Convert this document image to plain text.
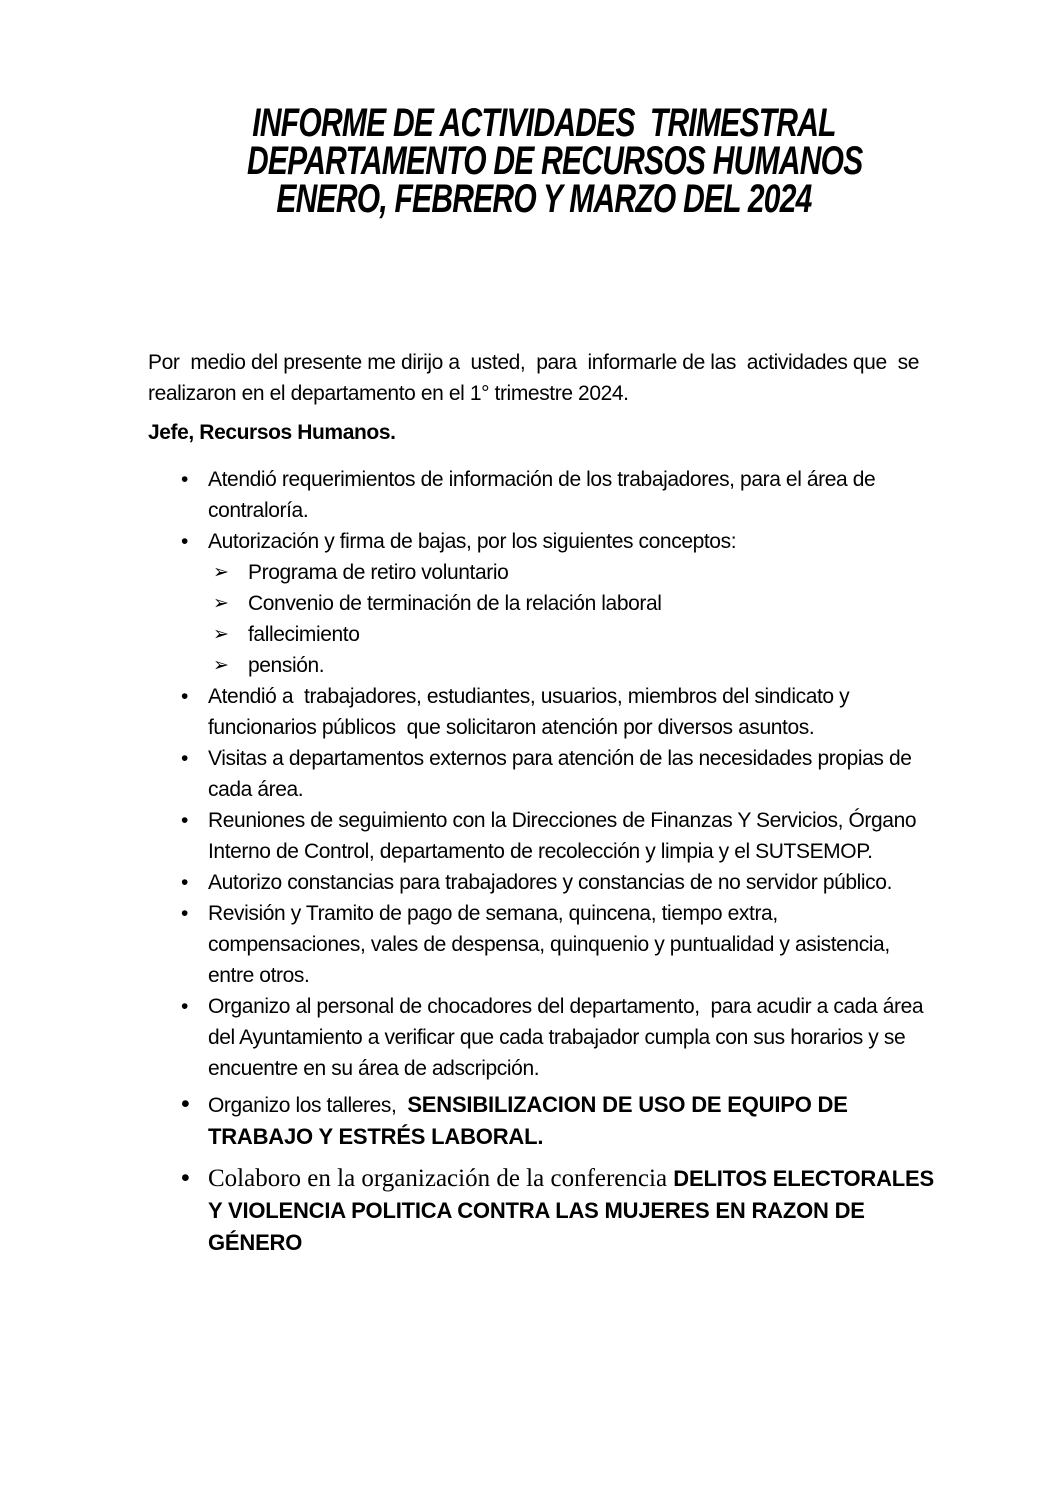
INFORME DE ACTIVIDADES  TRIMESTRAL
DEPARTAMENTO DE RECURSOS HUMANOS
ENERO, FEBRERO Y MARZO DEL 2024

Por  medio del presente me dirijo a  usted,  para  informarle de las  actividades que  se realizaron en el departamento en el 1° trimestre 2024.

Jefe, Recursos Humanos.
• Atendió requerimientos de información de los trabajadores, para el área de contraloría.
• Autorización y firma de bajas, por los siguientes conceptos:
➢ Programa de retiro voluntario
➢ Convenio de terminación de la relación laboral
➢ fallecimiento
➢ pensión.
• Atendió a  trabajadores, estudiantes, usuarios, miembros del sindicato y funcionarios públicos  que solicitaron atención por diversos asuntos.
• Visitas a departamentos externos para atención de las necesidades propias de cada área.
• Reuniones de seguimiento con la Direcciones de Finanzas Y Servicios, Órgano Interno de Control, departamento de recolección y limpia y el SUTSEMOP.
• Autorizo constancias para trabajadores y constancias de no servidor público.
• Revisión y Tramito de pago de semana, quincena, tiempo extra, compensaciones, vales de despensa, quinquenio y puntualidad y asistencia, entre otros.
• Organizo al personal de chocadores del departamento,  para acudir a cada área del Ayuntamiento a verificar que cada trabajador cumpla con sus horarios y se encuentre en su área de adscripción.
• Organizo los talleres,  SENSIBILIZACION DE USO DE EQUIPO DE TRABAJO Y ESTRÉS LABORAL.
• Colaboro en la organización de la conferencia DELITOS ELECTORALES Y VIOLENCIA POLITICA CONTRA LAS MUJERES EN RAZON DE GÉNERO
